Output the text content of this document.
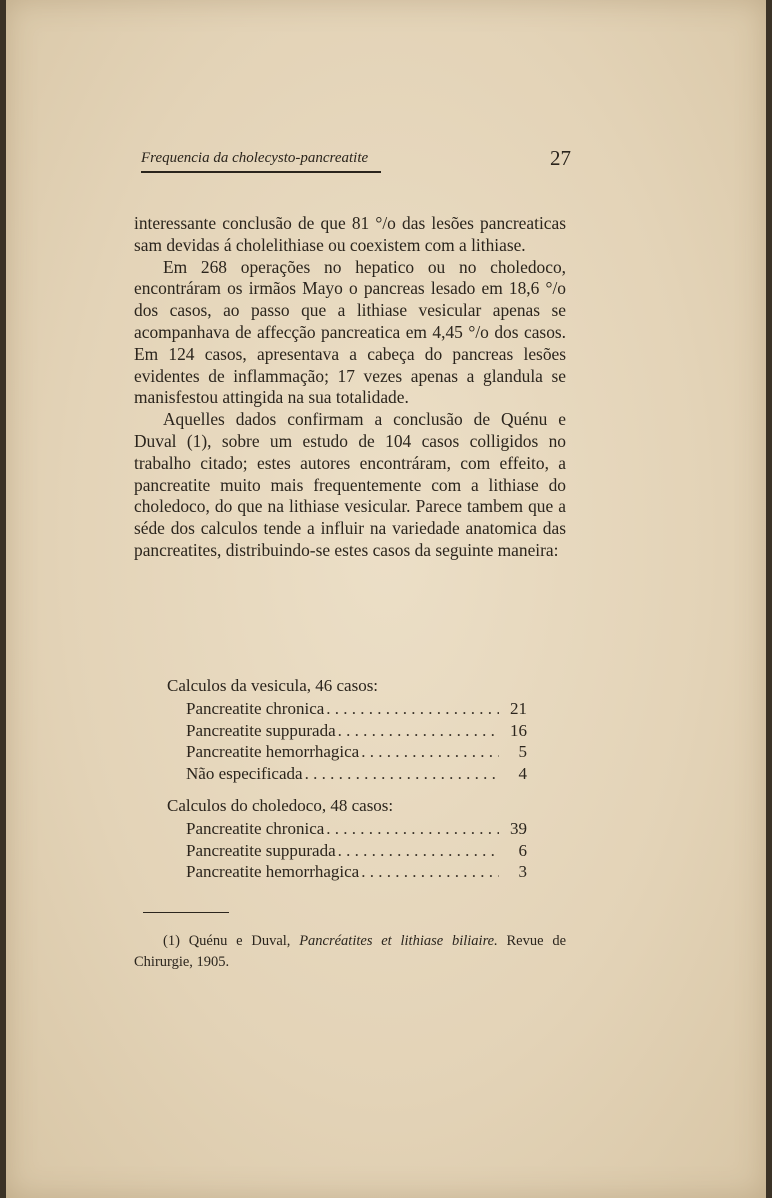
Frequencia da cholecysto-pancreatite	27

interessante conclusão de que 81 °/o das lesões pancreaticas sam devidas á cholelithiase ou coexistem com a lithiase.

Em 268 operações no hepatico ou no choledoco, encontráram os irmãos Mayo o pancreas lesado em 18,6 °/o dos casos, ao passo que a lithiase vesicular apenas se acompanhava de affecção pancreatica em 4,45 °/o dos casos. Em 124 casos, apresentava a cabeça do pancreas lesões evidentes de inflammação; 17 vezes apenas a glandula se manisfestou attingida na sua totalidade.

Aquelles dados confirmam a conclusão de Quénu e Duval (1), sobre um estudo de 104 casos colligidos no trabalho citado; estes autores encontráram, com effeito, a pancreatite muito mais frequentemente com a lithiase do choledoco, do que na lithiase vesicular. Parece tambem que a séde dos calculos tende a influir na variedade anatomica das pancreatites, distribuindo-se estes casos da seguinte maneira:

Calculos da vesicula, 46 casos:
Pancreatite chronica . . .	21
Pancreatite suppurada . . .	16
Pancreatite hemorrhagica . . .	5
Não especificada . . .	4
Calculos do choledoco, 48 casos:
Pancreatite chronica . . .	39
Pancreatite suppurada . . .	6
Pancreatite hemorrhagica . . .	3
(1) Quénu e Duval, Pancréatites et lithiase biliaire. Revue de Chirurgie, 1905.
